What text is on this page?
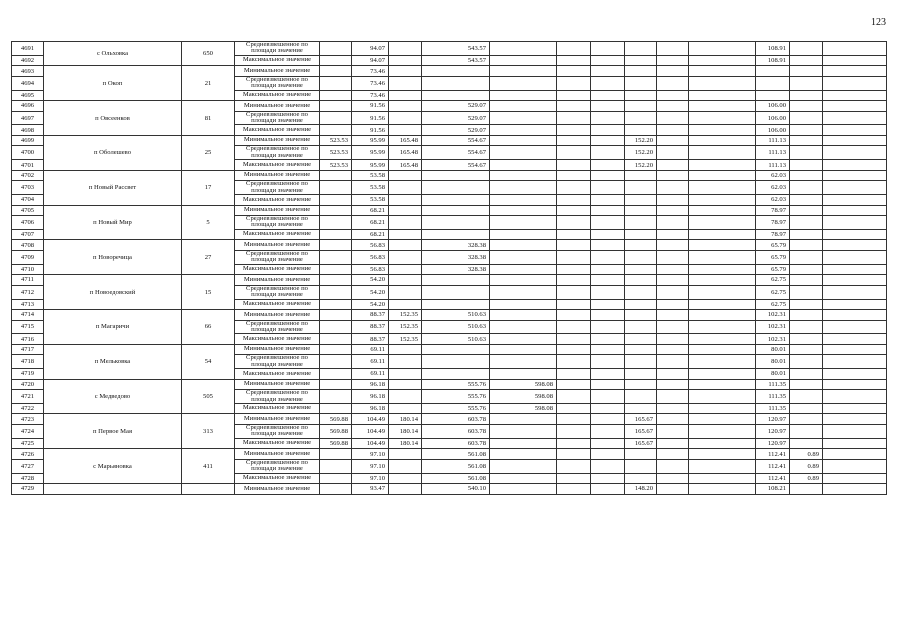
123
4691	с Ольховка	650	Средневзвешенное по площади значение		94.07		543.57							108.91			
4692			Максимальное значение		94.07		543.57							108.91			
4693	п Окоп	21	Минимальное значение		73.46												
4694			Средневзвешенное по площади значение		73.46												
4695			Максимальное значение		73.46												
4696	п Овсеенков	81	Минимальное значение		91.56		529.07							106.00			
4697			Средневзвешенное по площади значение		91.56		529.07							106.00			
4698			Максимальное значение		91.56		529.07							106.00			
4699	п Оболешево	25	Минимальное значение	523.53	95.99	165.48	554.67				152.20			111.13			
4700			Средневзвешенное по площади значение	523.53	95.99	165.48	554.67				152.20			111.13			
4701			Максимальное значение	523.53	95.99	165.48	554.67				152.20			111.13			
4702	п Новый Рассвет	17	Минимальное значение		53.58									62.03			
4703			Средневзвешенное по площади значение		53.58									62.03			
4704			Максимальное значение		53.58									62.03			
4705	п Новый Мир	5	Минимальное значение		68.21									78.97			
4706			Средневзвешенное по площади значение		68.21									78.97			
4707			Максимальное значение		68.21									78.97			
4708	п Новоречица	27	Минимальное значение		56.83		328.38							65.79			
4709			Средневзвешенное по площади значение		56.83		328.38							65.79			
4710			Максимальное значение		56.83		328.38							65.79			
4711	п Новоедовский	15	Минимальное значение		54.20									62.75			
4712			Средневзвешенное по площади значение		54.20									62.75			
4713			Максимальное значение		54.20									62.75			
4714	п Магаричи	66	Минимальное значение		88.37	152.35	510.63							102.31			
4715			Средневзвешенное по площади значение		88.37	152.35	510.63							102.31			
4716			Максимальное значение		88.37	152.35	510.63							102.31			
4717	п Мельковка	54	Минимальное значение		69.11									80.01			
4718			Средневзвешенное по площади значение		69.11									80.01			
4719			Максимальное значение		69.11									80.01			
4720	с Медведово	505	Минимальное значение		96.18		555.76	598.08						111.35			
4721			Средневзвешенное по площади значение		96.18		555.76	598.08						111.35			
4722			Максимальное значение		96.18		555.76	598.08						111.35			
4723	п Первое Мая	313	Минимальное значение	569.88	104.49	180.14	603.78				165.67			120.97			
4724			Средневзвешенное по площади значение	569.88	104.49	180.14	603.78				165.67			120.97			
4725			Максимальное значение	569.88	104.49	180.14	603.78				165.67			120.97			
4726	с Марьяновка	411	Минимальное значение		97.10		561.08							112.41	0.89		
4727			Средневзвешенное по площади значение		97.10		561.08							112.41	0.89		
4728			Максимальное значение		97.10		561.08							112.41	0.89		
4729			Минимальное значение		93.47		540.10				148.20			108.21			
